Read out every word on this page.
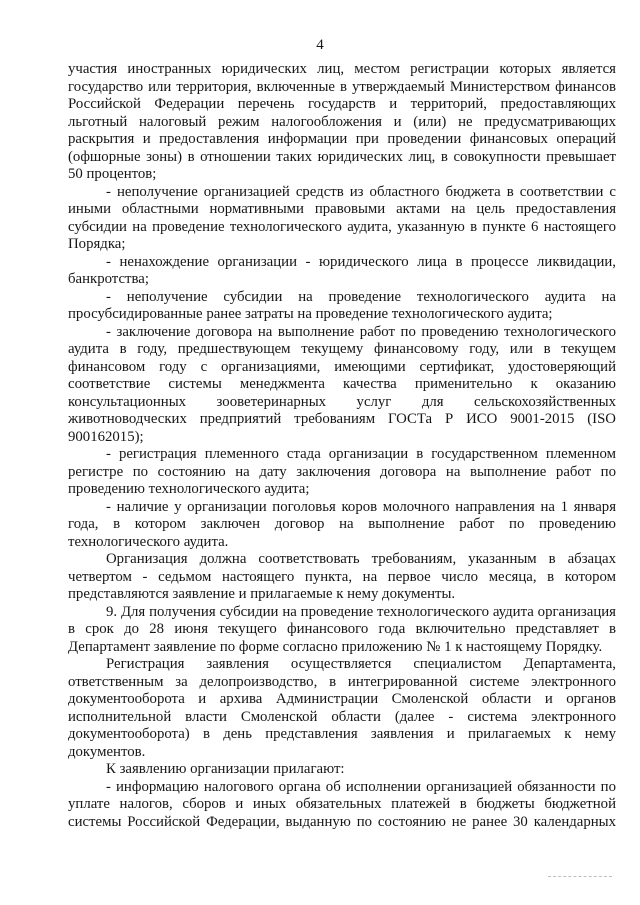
4

участия иностранных юридических лиц, местом регистрации которых является государство или территория, включенные в утверждаемый Министерством финансов Российской Федерации перечень государств и территорий, предоставляющих льготный налоговый режим налогообложения и (или) не предусматривающих раскрытия и предоставления информации при проведении финансовых операций (офшорные зоны) в отношении таких юридических лиц, в совокупности превышает 50 процентов;

- неполучение организацией средств из областного бюджета в соответствии с иными областными нормативными правовыми актами на цель предоставления субсидии на проведение технологического аудита, указанную в пункте 6 настоящего Порядка;

- ненахождение организации - юридического лица в процессе ликвидации, банкротства;

- неполучение субсидии на проведение технологического аудита на просубсидированные ранее затраты на проведение технологического аудита;

- заключение договора на выполнение работ по проведению технологического аудита в году, предшествующем текущему финансовому году, или в текущем финансовом году с организациями, имеющими сертификат, удостоверяющий соответствие системы менеджмента качества применительно к оказанию консультационных зооветеринарных услуг для сельскохозяйственных животноводческих предприятий требованиям ГОСТа Р ИСО 9001-2015 (ISO 900162015);

- регистрация племенного стада организации в государственном племенном регистре по состоянию на дату заключения договора на выполнение работ по проведению технологического аудита;

- наличие у организации поголовья коров молочного направления на 1 января года, в котором заключен договор на выполнение работ по проведению технологического аудита.

Организация должна соответствовать требованиям, указанным в абзацах четвертом - седьмом настоящего пункта, на первое число месяца, в котором представляются заявление и прилагаемые к нему документы.

9. Для получения субсидии на проведение технологического аудита организация в срок до 28 июня текущего финансового года включительно представляет в Департамент заявление по форме согласно приложению № 1 к настоящему Порядку.

Регистрация заявления осуществляется специалистом Департамента, ответственным за делопроизводство, в интегрированной системе электронного документооборота и архива Администрации Смоленской области и органов исполнительной власти Смоленской области (далее - система электронного документооборота) в день представления заявления и прилагаемых к нему документов.

К заявлению организации прилагают:

- информацию налогового органа об исполнении организацией обязанности по уплате налогов, сборов и иных обязательных платежей в бюджеты бюджетной системы Российской Федерации, выданную по состоянию не ранее 30 календарных
